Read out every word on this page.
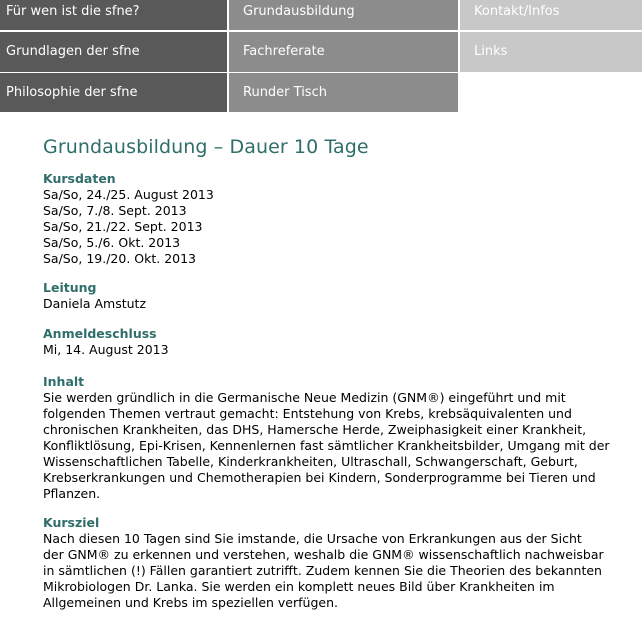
Für wen ist die sfne?	Grundausbildung	Kontakt/Infos
Grundlagen der sfne	Fachreferate	Links
Philosophie der sfne	Runder Tisch
Grundausbildung – Dauer 10 Tage

Kursdaten

Sa/So, 24./25. August 2013

Sa/So, 7./8. Sept. 2013

Sa/So, 21./22. Sept. 2013

Sa/So, 5./6. Okt. 2013

Sa/So, 19./20. Okt. 2013

Leitung

Daniela Amstutz

Anmeldeschluss

Mi, 14. August 2013

Inhalt

Sie werden gründlich in die Germanische Neue Medizin (GNM®) eingeführt und mit

folgenden Themen vertraut gemacht: Entstehung von Krebs, krebsäquivalenten und

chronischen Krankheiten, das DHS, Hamersche Herde, Zweiphasigkeit einer Krankheit,

Konfliktlösung, Epi-Krisen, Kennenlernen fast sämtlicher Krankheitsbilder, Umgang mit der

Wissenschaftlichen Tabelle, Kinderkrankheiten, Ultraschall, Schwangerschaft, Geburt,

Krebserkrankungen und Chemotherapien bei Kindern, Sonderprogramme bei Tieren und

Pflanzen.

Kursziel

Nach diesen 10 Tagen sind Sie imstande, die Ursache von Erkrankungen aus der Sicht

der GNM® zu erkennen und verstehen, weshalb die GNM® wissenschaftlich nachweisbar

in sämtlichen (!) Fällen garantiert zutrifft. Zudem kennen Sie die Theorien des bekannten

Mikrobiologen Dr. Lanka. Sie werden ein komplett neues Bild über Krankheiten im

Allgemeinen und Krebs im speziellen verfügen.
